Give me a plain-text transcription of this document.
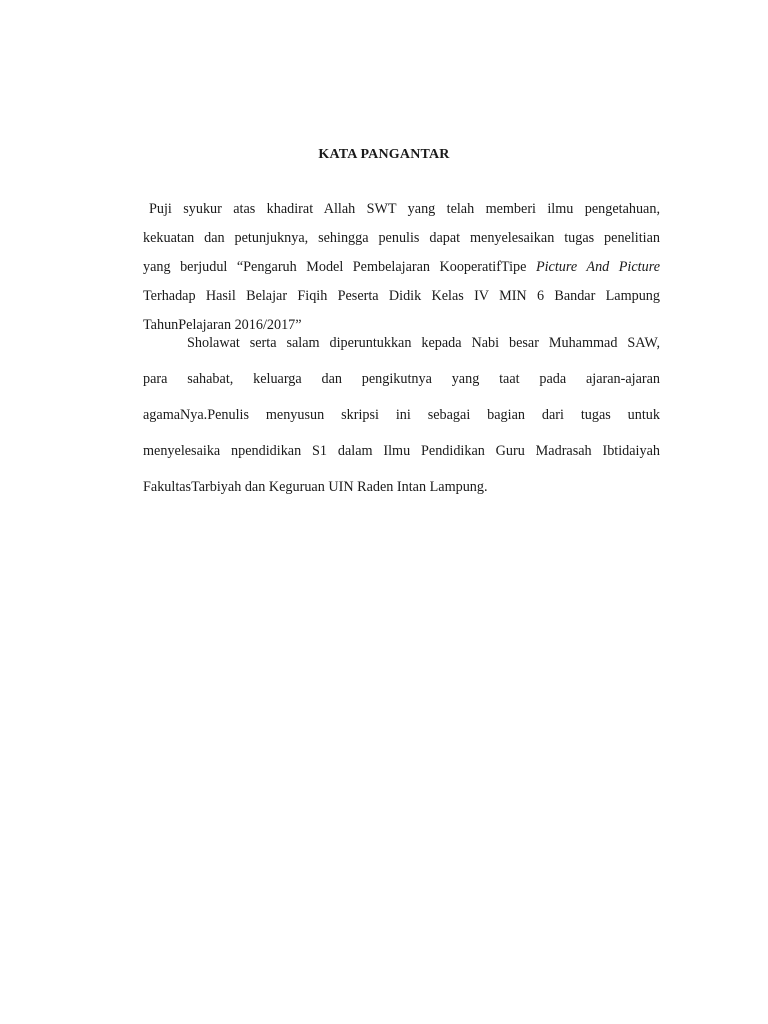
KATA PANGANTAR
Puji syukur atas khadirat Allah SWT yang telah memberi ilmu pengetahuan,
kekuatan dan petunjuknya, sehingga penulis dapat menyelesaikan tugas penelitian
yang berjudul “Pengaruh Model Pembelajaran KooperatifTipe Picture And Picture
Terhadap Hasil Belajar Fiqih Peserta Didik Kelas IV MIN 6 Bandar Lampung
TahunPelajaran 2016/2017”
Sholawat serta salam diperuntukkan kepada Nabi besar Muhammad SAW,
para sahabat, keluarga dan pengikutnya yang taat pada ajaran-ajaran
agamaNya.Penulis menyusun skripsi ini sebagai bagian dari tugas untuk
menyelesaika npendidikan S1 dalam Ilmu Pendidikan Guru Madrasah Ibtidaiyah
FakultasTarbiyah dan Keguruan UIN Raden Intan Lampung.
